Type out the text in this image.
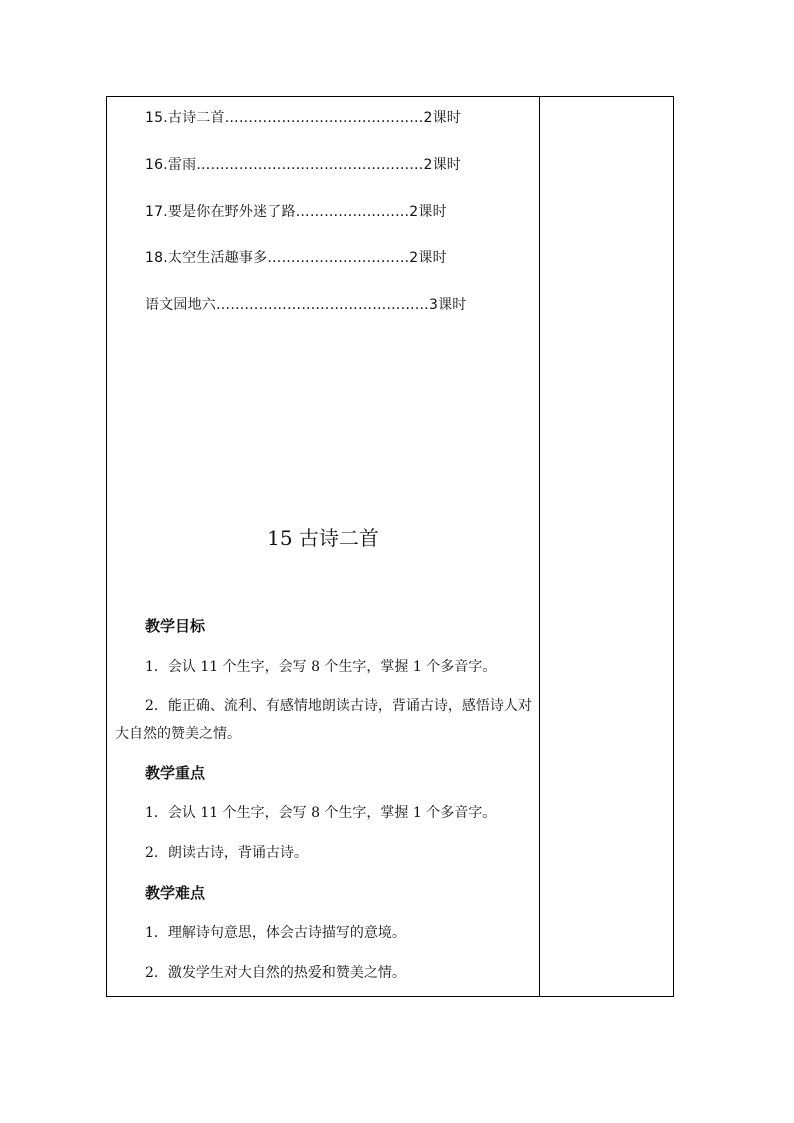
15.古诗二首……………………………………2课时
16.雷雨…………………………………………2课时
17.要是你在野外迷了路……………………2课时
18.太空生活趣事多…………………………2课时
语文园地六………………………………………3课时
15 古诗二首
教学目标
1．会认 11 个生字，会写 8 个生字，掌握 1 个多音字。
2．能正确、流利、有感情地朗读古诗，背诵古诗，感悟诗人对大自然的赞美之情。
教学重点
1．会认 11 个生字，会写 8 个生字，掌握 1 个多音字。
2．朗读古诗，背诵古诗。
教学难点
1．理解诗句意思，体会古诗描写的意境。
2．激发学生对大自然的热爱和赞美之情。
